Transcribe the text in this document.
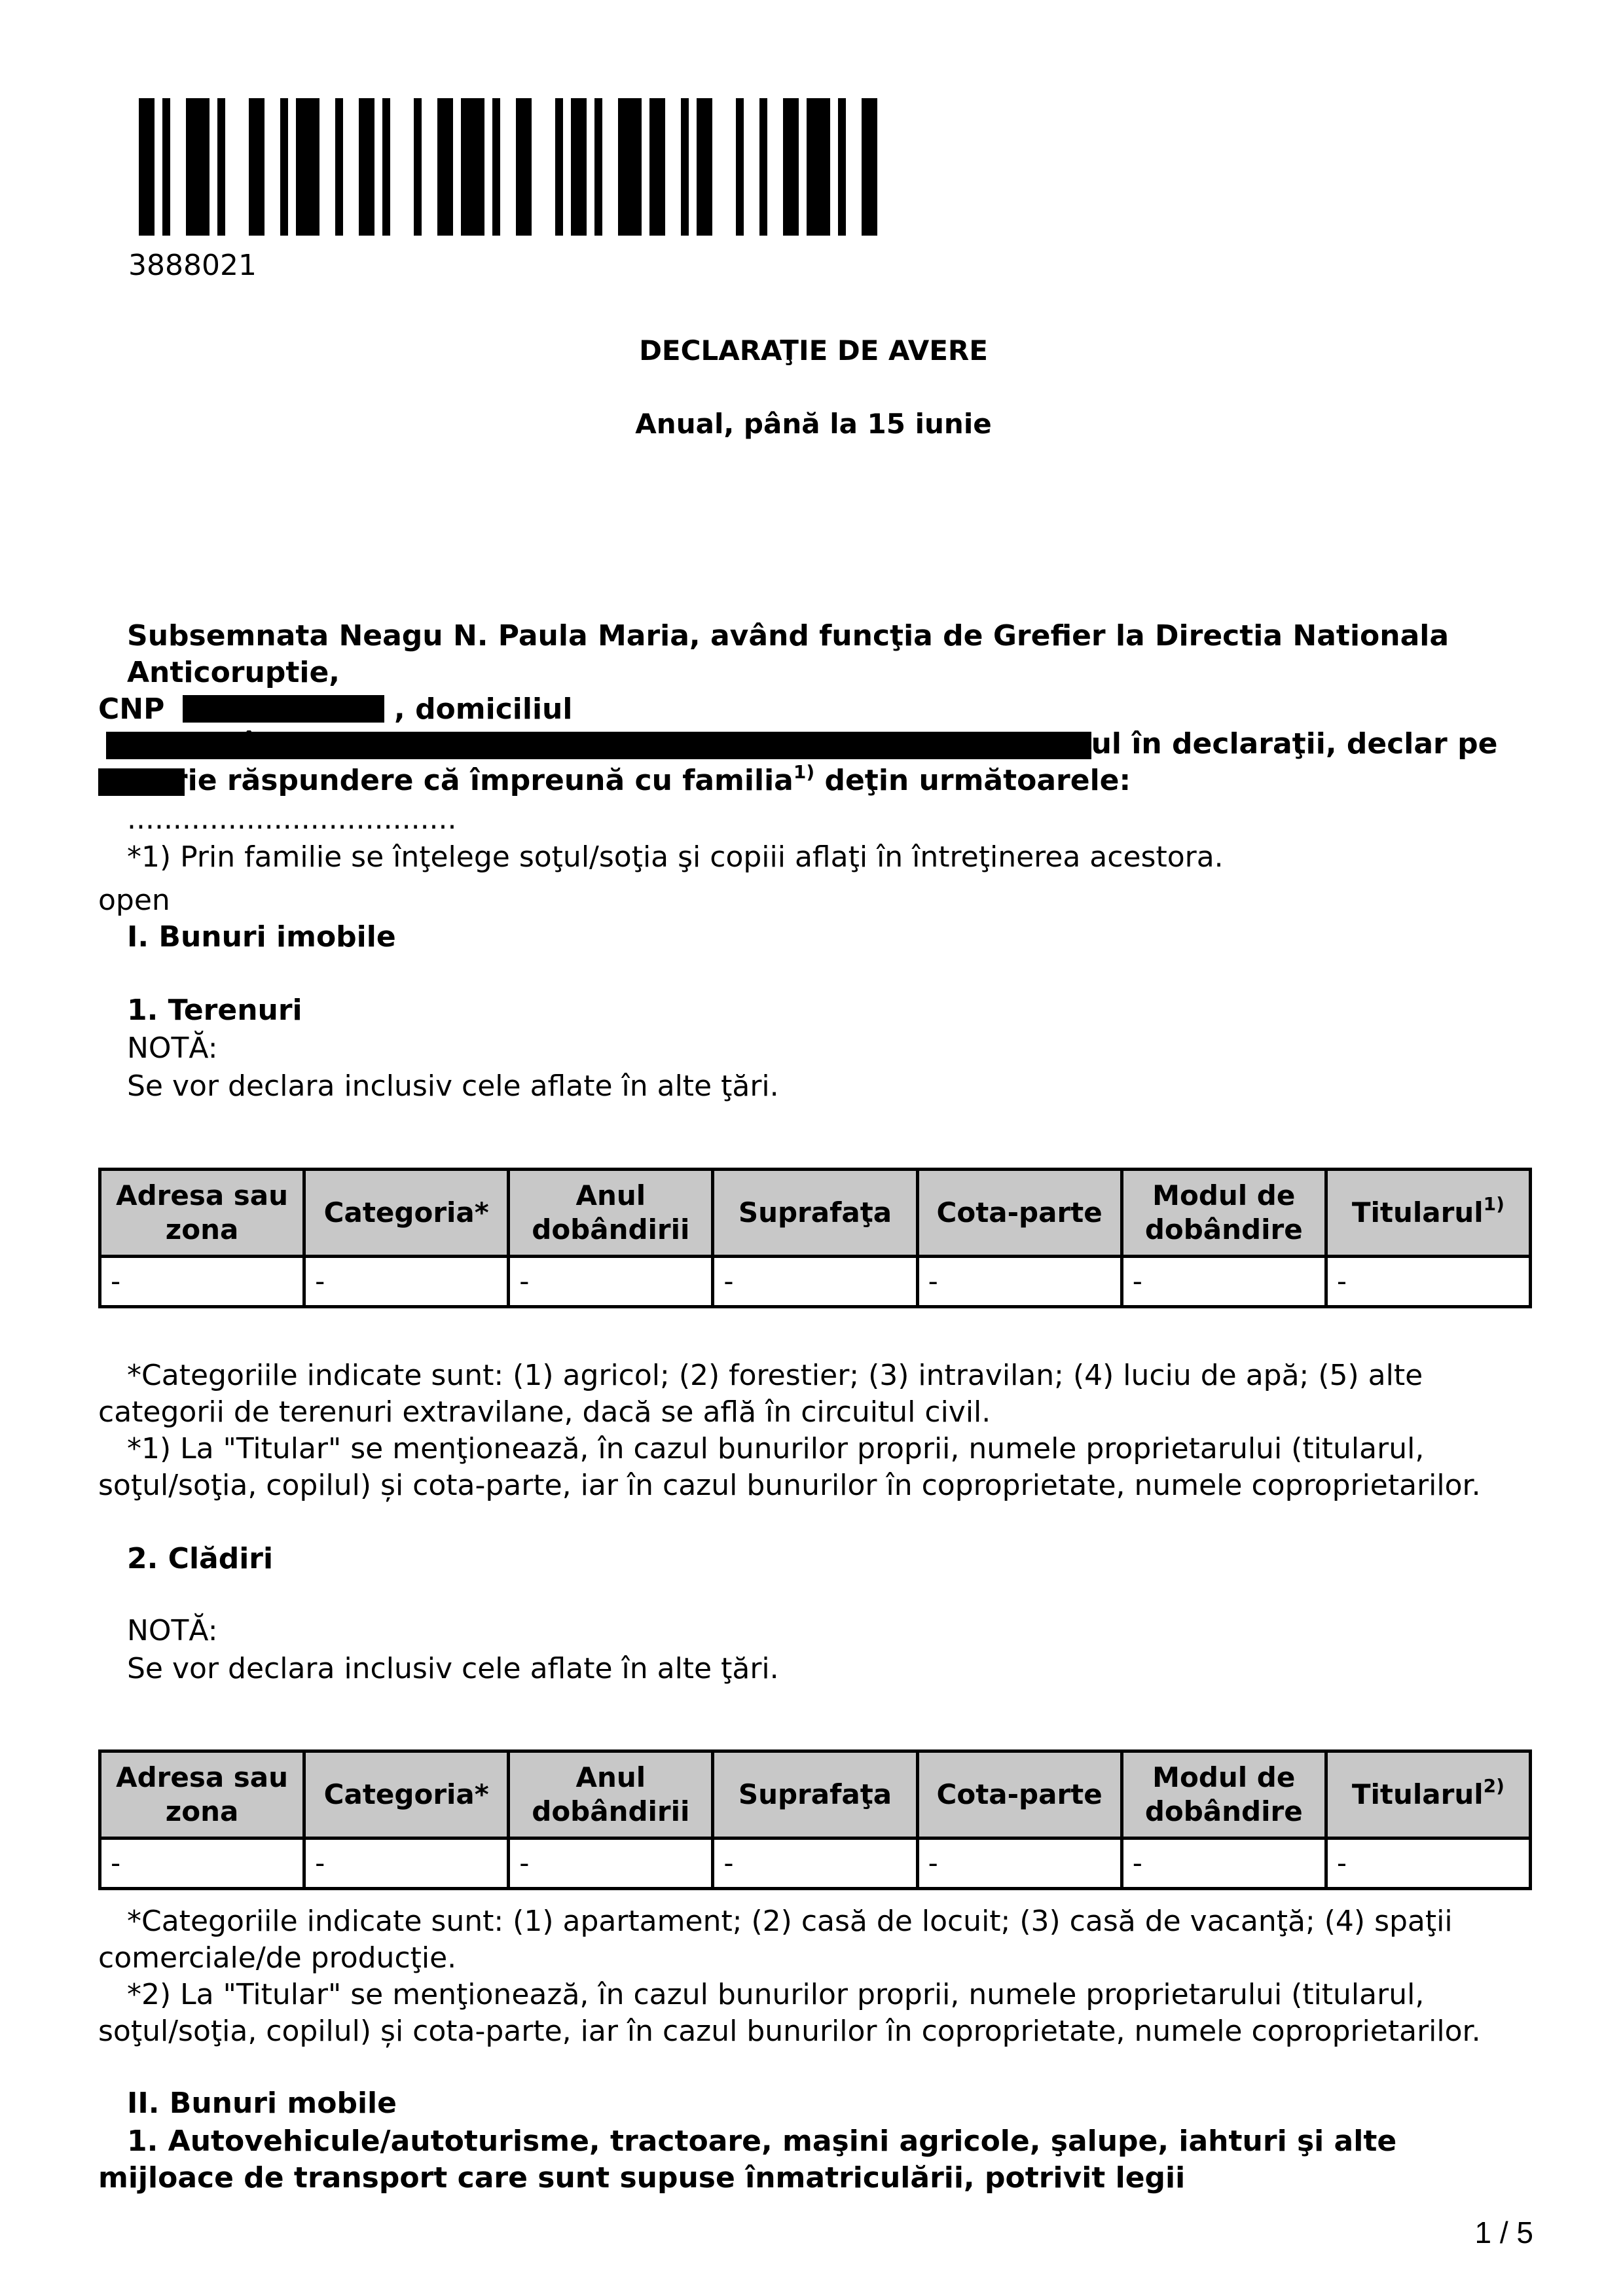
3888021
DECLARAŢIE DE AVERE
Anual, până la 15 iunie
Subsemnata Neagu N. Paula Maria, având funcţia de Grefier la Directia Nationala Anticoruptie,
CNP	, domiciliul
cunoscând prevederile art. 292 din Codul penal privind falsul în declaraţii, declar pe proprie răspundere că împreună cu familia$^{1)}$ deţin următoarele:
....................................
*1) Prin familie se înţelege soţul/soţia şi copiii aflaţi în întreţinerea acestora.
open
I. Bunuri imobile
1. Terenuri
NOTĂ:
Se vor declara inclusiv cele aflate în alte ţări.
Adresa sau zona	Categoria*	Anul dobândirii	Suprafaţa	Cota-parte	Modul de dobândire	Titularul$^{1)}$
-	-	-	-	-	-	-
*Categoriile indicate sunt: (1) agricol; (2) forestier; (3) intravilan; (4) luciu de apă; (5) alte categorii de terenuri extravilane, dacă se află în circuitul civil.
*1) La "Titular" se menţionează, în cazul bunurilor proprii, numele proprietarului (titularul, soţul/soţia, copilul) și cota-parte, iar în cazul bunurilor în coproprietate, numele coproprietarilor.
2. Clădiri
NOTĂ:
Se vor declara inclusiv cele aflate în alte ţări.
Adresa sau zona	Categoria*	Anul dobândirii	Suprafaţa	Cota-parte	Modul de dobândire	Titularul$^{2)}$
-	-	-	-	-	-	-
*Categoriile indicate sunt: (1) apartament; (2) casă de locuit; (3) casă de vacanţă; (4) spaţii comerciale/de producţie.
*2) La "Titular" se menţionează, în cazul bunurilor proprii, numele proprietarului (titularul, soţul/soţia, copilul) și cota-parte, iar în cazul bunurilor în coproprietate, numele coproprietarilor.
II. Bunuri mobile
1. Autovehicule/autoturisme, tractoare, maşini agricole, şalupe, iahturi şi alte mijloace de transport care sunt supuse înmatriculării, potrivit legii
1 / 5
